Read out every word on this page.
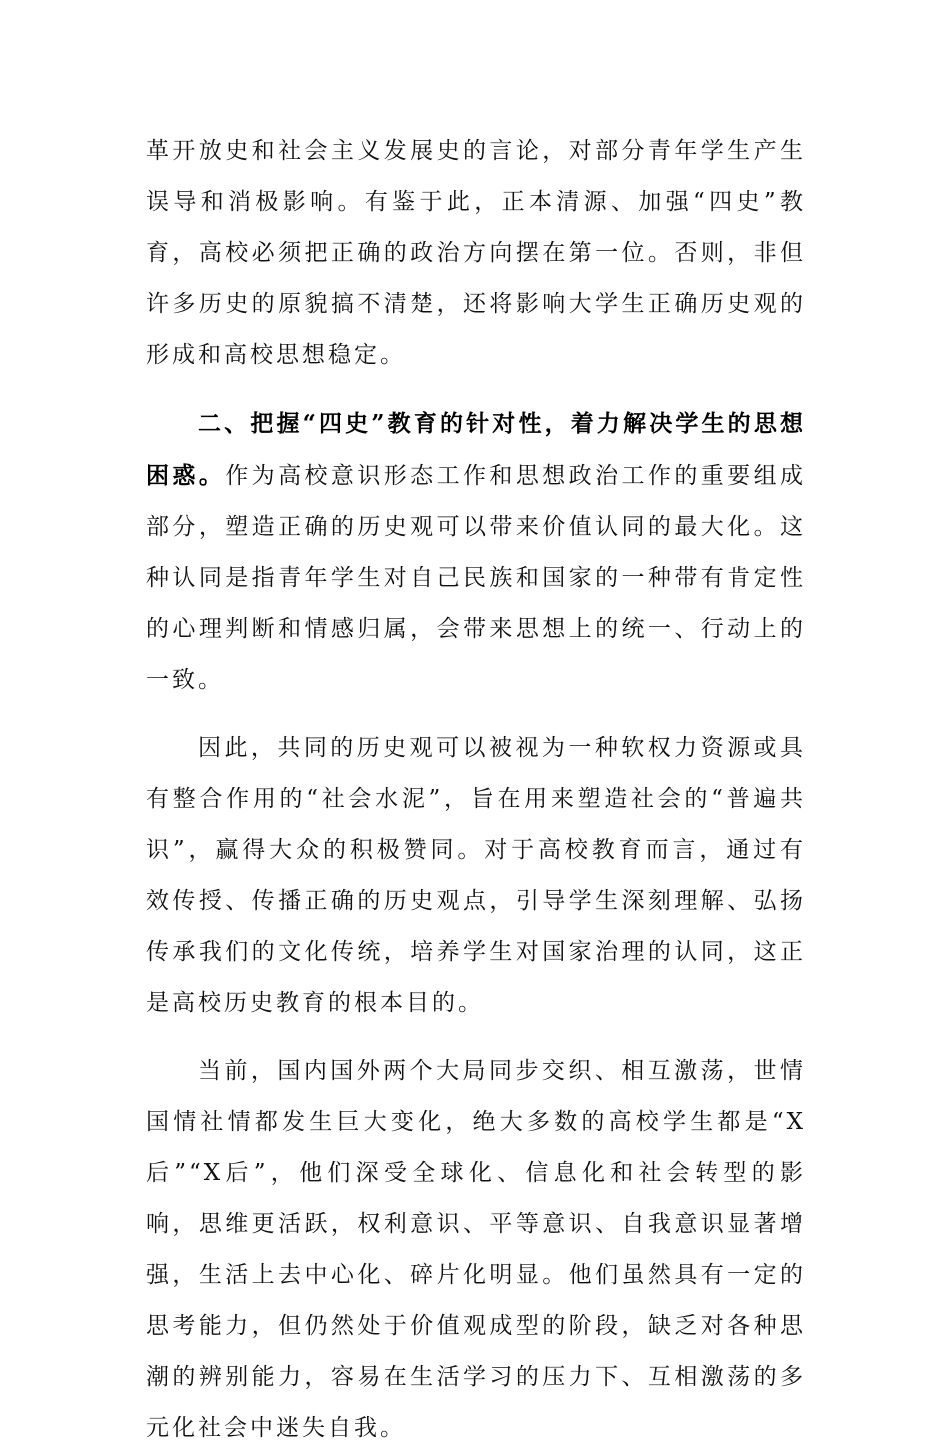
革开放史和社会主义发展史的言论，对部分青年学生产生误导和消极影响。有鉴于此，正本清源、加强“四史”教育，高校必须把正确的政治方向摆在第一位。否则，非但许多历史的原貌搞不清楚，还将影响大学生正确历史观的形成和高校思想稳定。

二、把握“四史”教育的针对性，着力解决学生的思想困惑。作为高校意识形态工作和思想政治工作的重要组成部分，塑造正确的历史观可以带来价值认同的最大化。这种认同是指青年学生对自己民族和国家的一种带有肯定性的心理判断和情感归属，会带来思想上的统一、行动上的一致。

因此，共同的历史观可以被视为一种软权力资源或具有整合作用的“社会水泥”，旨在用来塑造社会的“普遍共识”，赢得大众的积极赞同。对于高校教育而言，通过有效传授、传播正确的历史观点，引导学生深刻理解、弘扬传承我们的文化传统，培养学生对国家治理的认同，这正是高校历史教育的根本目的。

当前，国内国外两个大局同步交织、相互激荡，世情国情社情都发生巨大变化，绝大多数的高校学生都是“X后”“X后”，他们深受全球化、信息化和社会转型的影响，思维更活跃，权利意识、平等意识、自我意识显著增强，生活上去中心化、碎片化明显。他们虽然具有一定的思考能力，但仍然处于价值观成型的阶段，缺乏对各种思潮的辨别能力，容易在生活学习的压力下、互相激荡的多元化社会中迷失自我。
